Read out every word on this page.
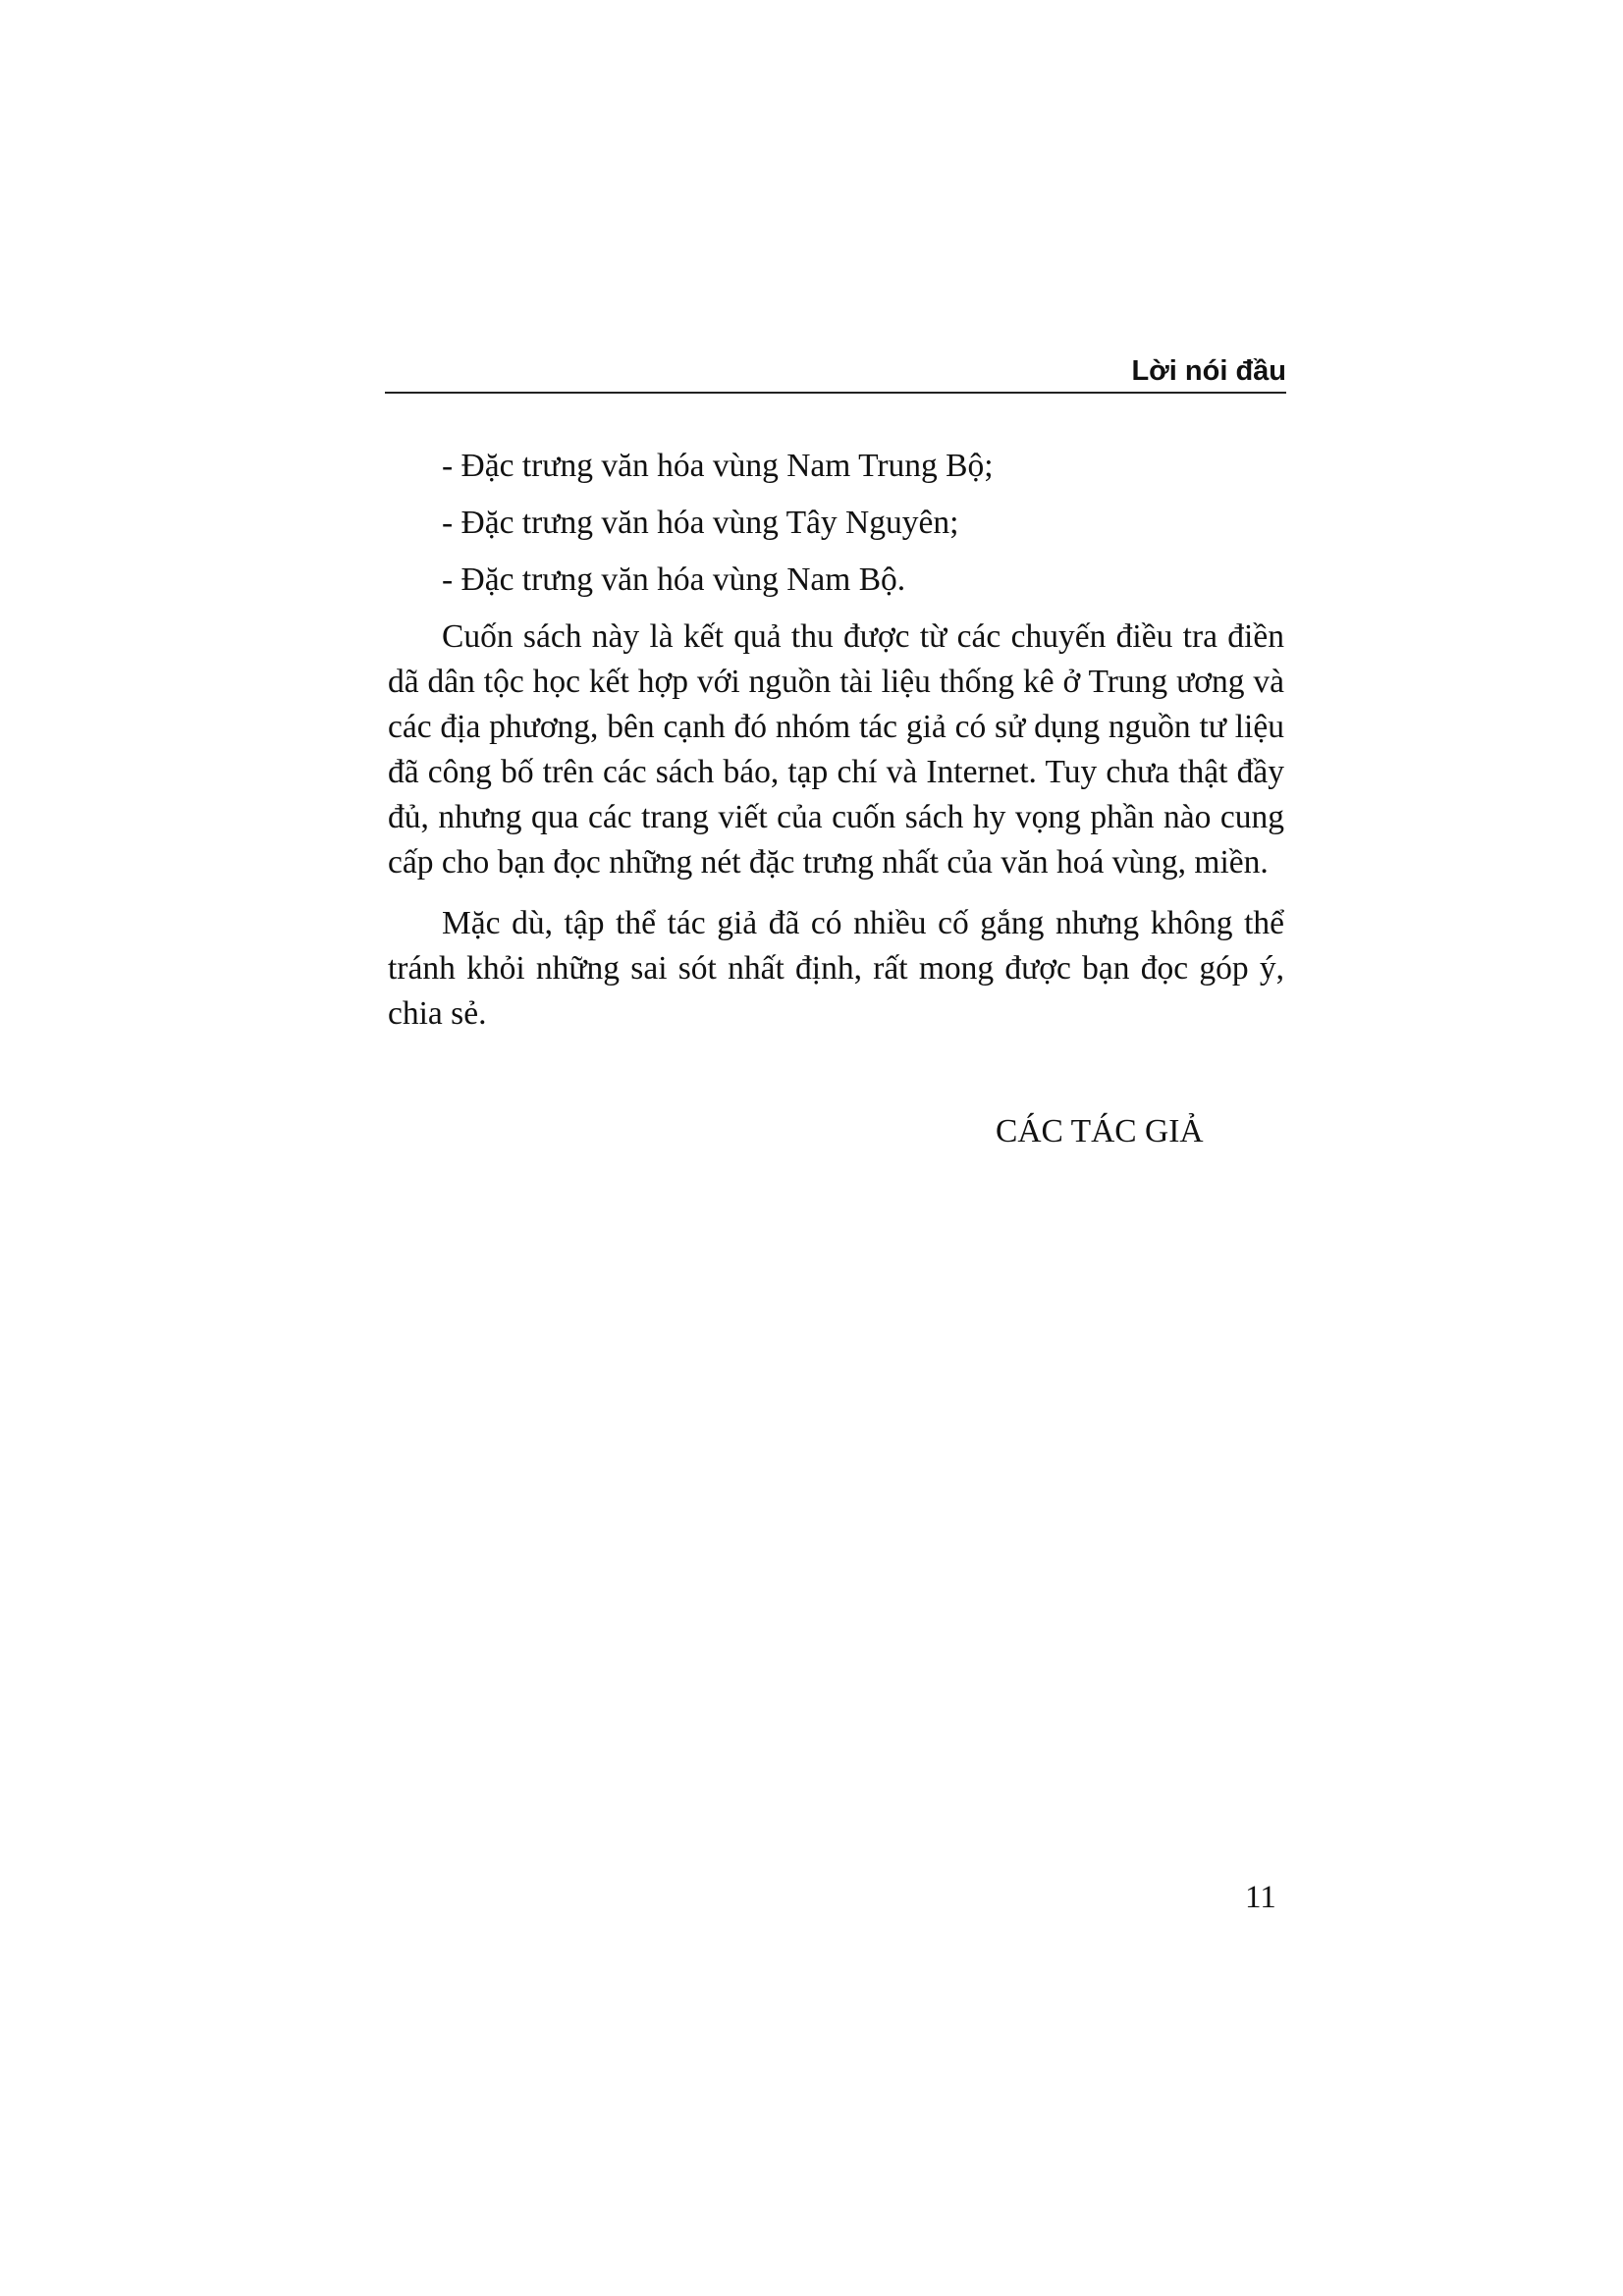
Lời nói đầu
- Đặc trưng văn hóa vùng Nam Trung Bộ;
- Đặc trưng văn hóa vùng Tây Nguyên;
- Đặc trưng văn hóa vùng Nam Bộ.

Cuốn sách này là kết quả thu được từ các chuyến điều tra điền dã dân tộc học kết hợp với nguồn tài liệu thống kê ở Trung ương và các địa phương, bên cạnh đó nhóm tác giả có sử dụng nguồn tư liệu đã công bố trên các sách báo, tạp chí và Internet. Tuy chưa thật đầy đủ, nhưng qua các trang viết của cuốn sách hy vọng phần nào cung cấp cho bạn đọc những nét đặc trưng nhất của văn hoá vùng, miền.

Mặc dù, tập thể tác giả đã có nhiều cố gắng nhưng không thể tránh khỏi những sai sót nhất định, rất mong được bạn đọc góp ý, chia sẻ.

CÁC TÁC GIẢ
11
